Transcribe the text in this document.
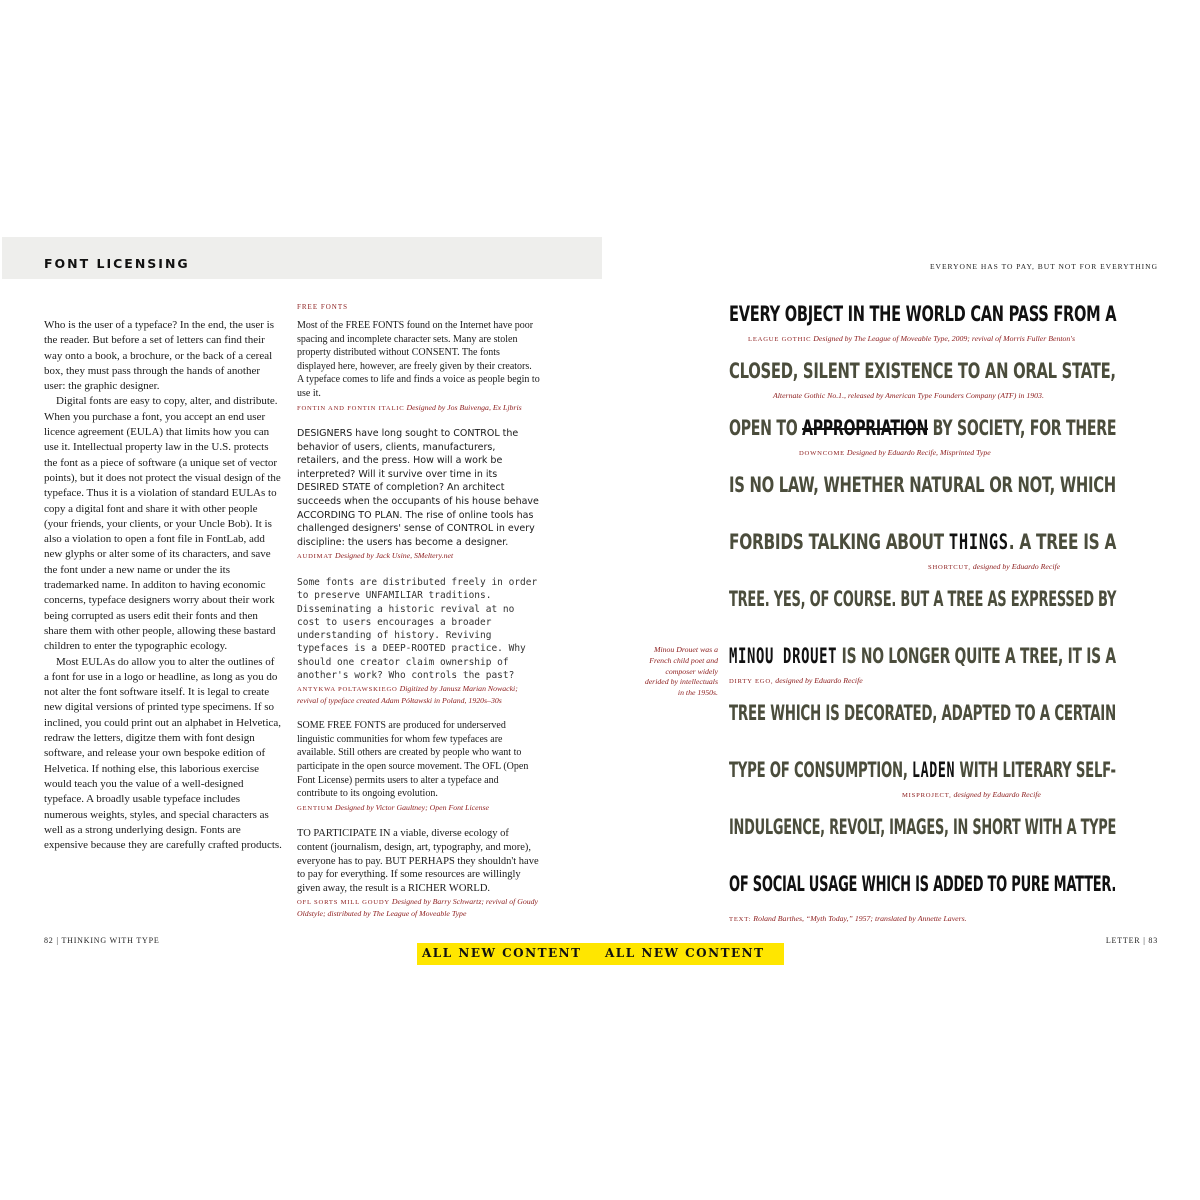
FONT LICENSING

Who is the user of a typeface? In the end, the user is the reader. But before a set of letters can find their way onto a book, a brochure, or the back of a cereal box, they must pass through the hands of another user: the graphic designer.

Digital fonts are easy to copy, alter, and distribute. When you purchase a font, you accept an end user licence agreement (EULA) that limits how you can use it. Intellectual property law in the U.S. protects the font as a piece of software (a unique set of vector points), but it does not protect the visual design of the typeface. Thus it is a violation of standard EULAs to copy a digital font and share it with other people (your friends, your clients, or your Uncle Bob). It is also a violation to open a font file in FontLab, add new glyphs or alter some of its characters, and save the font under a new name or under the its trademarked name. In additon to having economic concerns, typeface designers worry about their work being corrupted as users edit their fonts and then share them with other people, allowing these bastard children to enter the typographic ecology.

Most EULAs do allow you to alter the outlines of a font for use in a logo or headline, as long as you do not alter the font software itself. It is legal to create new digital versions of printed type specimens. If so inclined, you could print out an alphabet in Helvetica, redraw the letters, digitze them with font design software, and release your own bespoke edition of Helvetica. If nothing else, this laborious exercise would teach you the value of a well-designed typeface. A broadly usable typeface includes numerous weights, styles, and special characters as well as a strong underlying design. Fonts are expensive because they are carefully crafted products.

FREE FONTS
Most of the FREE FONTS found on the Internet have poor spacing and incomplete character sets. Many are stolen property distributed without CONSENT. The fonts displayed here, however, are freely given by their creators. A typeface comes to life and finds a voice as people begin to use it.
FONTIN AND FONTIN ITALIC Designed by Jos Buivenga, Ex Ljbris
DESIGNERS have long sought to CONTROL the behavior of users, clients, manufacturers, retailers, and the press. How will a work be interpreted? Will it survive over time in its DESIRED STATE of completion? An architect succeeds when the occupants of his house behave ACCORDING TO PLAN. The rise of online tools has challenged designers' sense of CONTROL in every discipline: the users has become a designer.
AUDIMAT Designed by Jack Usine, SMeltery.net
Some fonts are distributed freely in order to preserve UNFAMILIAR traditions. Disseminating a historic revival at no cost to users encourages a broader understanding of history. Reviving typefaces is a DEEP-ROOTED practice. Why should one creator claim ownership of another's work? Who controls the past?
ANTYKWA POLTAWSKIEGO Digitized by Janusz Marian Nowacki; revival of typeface created Adam Półtawski in Poland, 1920s–30s
SOME FREE FONTS are produced for underserved linguistic communities for whom few typefaces are available. Still others are created by people who want to participate in the open source movement. The OFL (Open Font License) permits users to alter a typeface and contribute to its ongoing evolution.
GENTIUM Designed by Victor Gaultney; Open Font License
TO PARTICIPATE IN a viable, diverse ecology of content (journalism, design, art, typography, and more), everyone has to pay. BUT PERHAPS they shouldn't have to pay for everything. If some resources are willingly given away, the result is a RICHER WORLD.
OFL SORTS MILL GOUDY Designed by Barry Schwartz; revival of Goudy Oldstyle; distributed by The League of Moveable Type
82 | THINKING WITH TYPE
ALL NEW CONTENT ALL NEW CONTENT
EVERYONE HAS TO PAY, BUT NOT FOR EVERYTHING
EVERY OBJECT IN THE WORLD CAN PASS FROM A
LEAGUE GOTHIC Designed by The League of Moveable Type, 2009; revival of Morris Fuller Benton's
CLOSED, SILENT EXISTENCE TO AN ORAL STATE,
Alternate Gothic No.1., released by American Type Founders Company (ATF) in 1903.
OPEN TO APPROPRIATION BY SOCIETY, FOR THERE
DOWNCOME Designed by Eduardo Recife, Misprinted Type
IS NO LAW, WHETHER NATURAL OR NOT, WHICH
FORBIDS TALKING ABOUT THINGS. A TREE IS A
SHORTCUT, designed by Eduardo Recife
TREE. YES, OF COURSE. BUT A TREE AS EXPRESSED BY
Minou Drouet was a French child poet and composer widely derided by intellectuals in the 1950s.
MINOU DROUET IS NO LONGER QUITE A TREE, IT IS A
DIRTY EGO, designed by Eduardo Recife
TREE WHICH IS DECORATED, ADAPTED TO A CERTAIN
TYPE OF CONSUMPTION, LADEN WITH LITERARY SELF-
MISPROJECT, designed by Eduardo Recife
INDULGENCE, REVOLT, IMAGES, IN SHORT WITH A TYPE
OF SOCIAL USAGE WHICH IS ADDED TO PURE MATTER.
TEXT: Roland Barthes, “Myth Today,” 1957; translated by Annette Lavers.
LETTER | 83
